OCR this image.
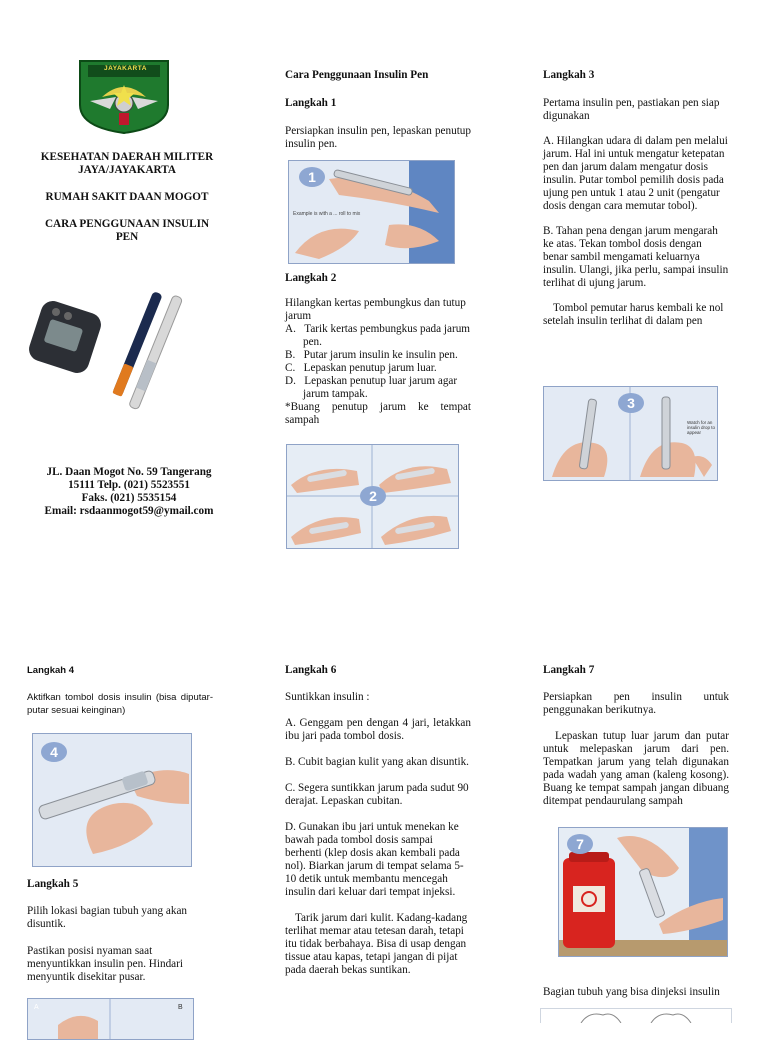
JAYAKARTA

KESEHATAN DAERAH MILITER

JAYA/JAYAKARTA

RUMAH SAKIT DAAN MOGOT

CARA PENGGUNAAN INSULIN

PEN

JL. Daan Mogot No. 59 Tangerang

15111 Telp. (021) 5523551

Faks. (021) 5535154

Email: rsdaanmogot59@ymail.com

Cara Penggunaan Insulin Pen

Langkah 1

Persiapkan insulin pen, lepaskan penutup insulin pen.

1
Example is with a ... roll to mix

Langkah 2

Hilangkan kertas pembungkus dan tutup jarum

A.   Tarik kertas pembungkus pada jarum pen.

B.   Putar jarum insulin ke insulin pen.

C.   Lepaskan penutup jarum luar.

D.   Lepaskan penutup luar jarum agar jarum tampak.

*Buang penutup jarum ke tempat sampah

2

Langkah 3

Pertama insulin pen, pastiakan pen siap digunakan

A. Hilangkan udara di dalam pen melalui jarum. Hal ini untuk mengatur ketepatan pen dan jarum dalam mengatur dosis insulin. Putar tombol pemilih dosis pada ujung pen untuk 1 atau 2 unit (pengatur dosis dengan cara memutar tobol).

B. Tahan pena dengan jarum mengarah ke atas. Tekan tombol dosis dengan benar sambil mengamati keluarnya insulin. Ulangi, jika perlu, sampai insulin terlihat di ujung jarum.

Tombol pemutar harus kembali ke nol setelah insulin terlihat di dalam pen

3
Watch for an insulin drop to appear

Langkah 4

Aktifkan tombol dosis insulin (bisa diputar-putar sesuai keinginan)

4

Langkah 5

Pilih lokasi bagian tubuh yang akan disuntik.

Pastikan posisi nyaman saat menyuntikkan insulin pen. Hindari menyuntik disekitar pusar.

A	B

Langkah 6

Suntikkan insulin :

A. Genggam pen dengan 4 jari, letakkan ibu jari pada tombol dosis.

B. Cubit bagian kulit yang akan disuntik.

C. Segera suntikkan jarum pada sudut 90 derajat. Lepaskan cubitan.

D. Gunakan ibu jari untuk menekan ke bawah pada tombol dosis sampai berhenti (klep dosis akan kembali pada nol). Biarkan jarum di tempat selama 5-10 detik untuk membantu mencegah insulin dari keluar dari tempat injeksi.

Tarik jarum dari kulit. Kadang-kadang terlihat memar atau tetesan darah, tetapi itu tidak berbahaya. Bisa di usap dengan tissue atau kapas, tetapi jangan di pijat pada daerah bekas suntikan.

Langkah 7

Persiapkan pen insulin untuk penggunakan berikutnya.

Lepaskan tutup luar jarum dan putar untuk melepaskan jarum dari pen. Tempatkan jarum yang telah digunakan pada wadah yang aman (kaleng kosong). Buang ke tempat sampah jangan dibuang ditempat pendaurulang sampah

7
Bagian tubuh yang bisa dinjeksi insulin
